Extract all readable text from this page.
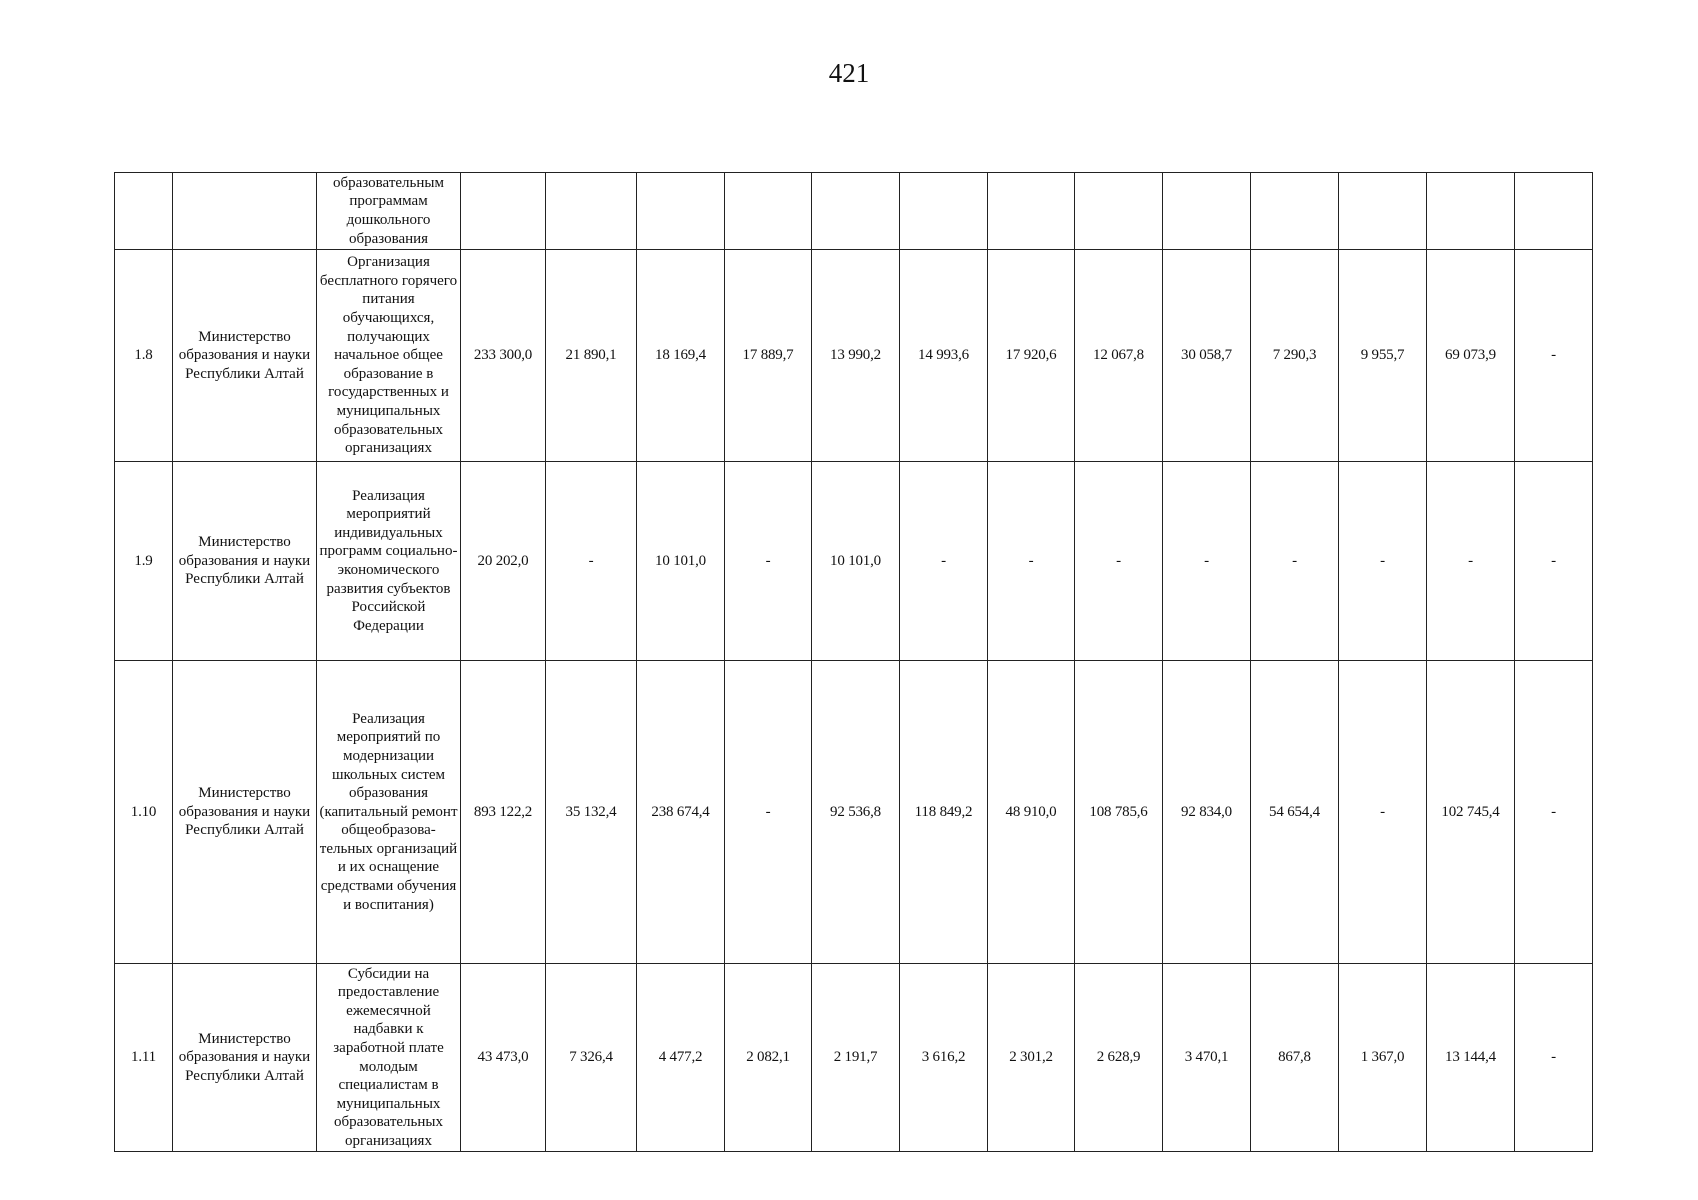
421
		образовательным программам дошкольного образования													
1.8	Министерство образования и науки Республики Алтай	Организация бесплатного горячего питания обучающихся, получающих начальное общее образование в государственных и муниципальных образовательных организациях	233 300,0	21 890,1	18 169,4	17 889,7	13 990,2	14 993,6	17 920,6	12 067,8	30 058,7	7 290,3	9 955,7	69 073,9	-
1.9	Министерство образования и науки Республики Алтай	Реализация мероприятий индивидуальных программ социально-экономического развития субъектов Российской Федерации	20 202,0	-	10 101,0	-	10 101,0	-	-	-	-	-	-	-	-
1.10	Министерство образования и науки Республики Алтай	Реализация мероприятий по модернизации школьных систем образования (капитальный ремонт общеобразова-тельных организаций и их оснащение средствами обучения и воспитания)	893 122,2	35 132,4	238 674,4	-	92 536,8	118 849,2	48 910,0	108 785,6	92 834,0	54 654,4	-	102 745,4	-
1.11	Министерство образования и науки Республики Алтай	Субсидии на предоставление ежемесячной надбавки к заработной плате молодым специалистам в муниципальных образовательных организациях	43 473,0	7 326,4	4 477,2	2 082,1	2 191,7	3 616,2	2 301,2	2 628,9	3 470,1	867,8	1 367,0	13 144,4	-
